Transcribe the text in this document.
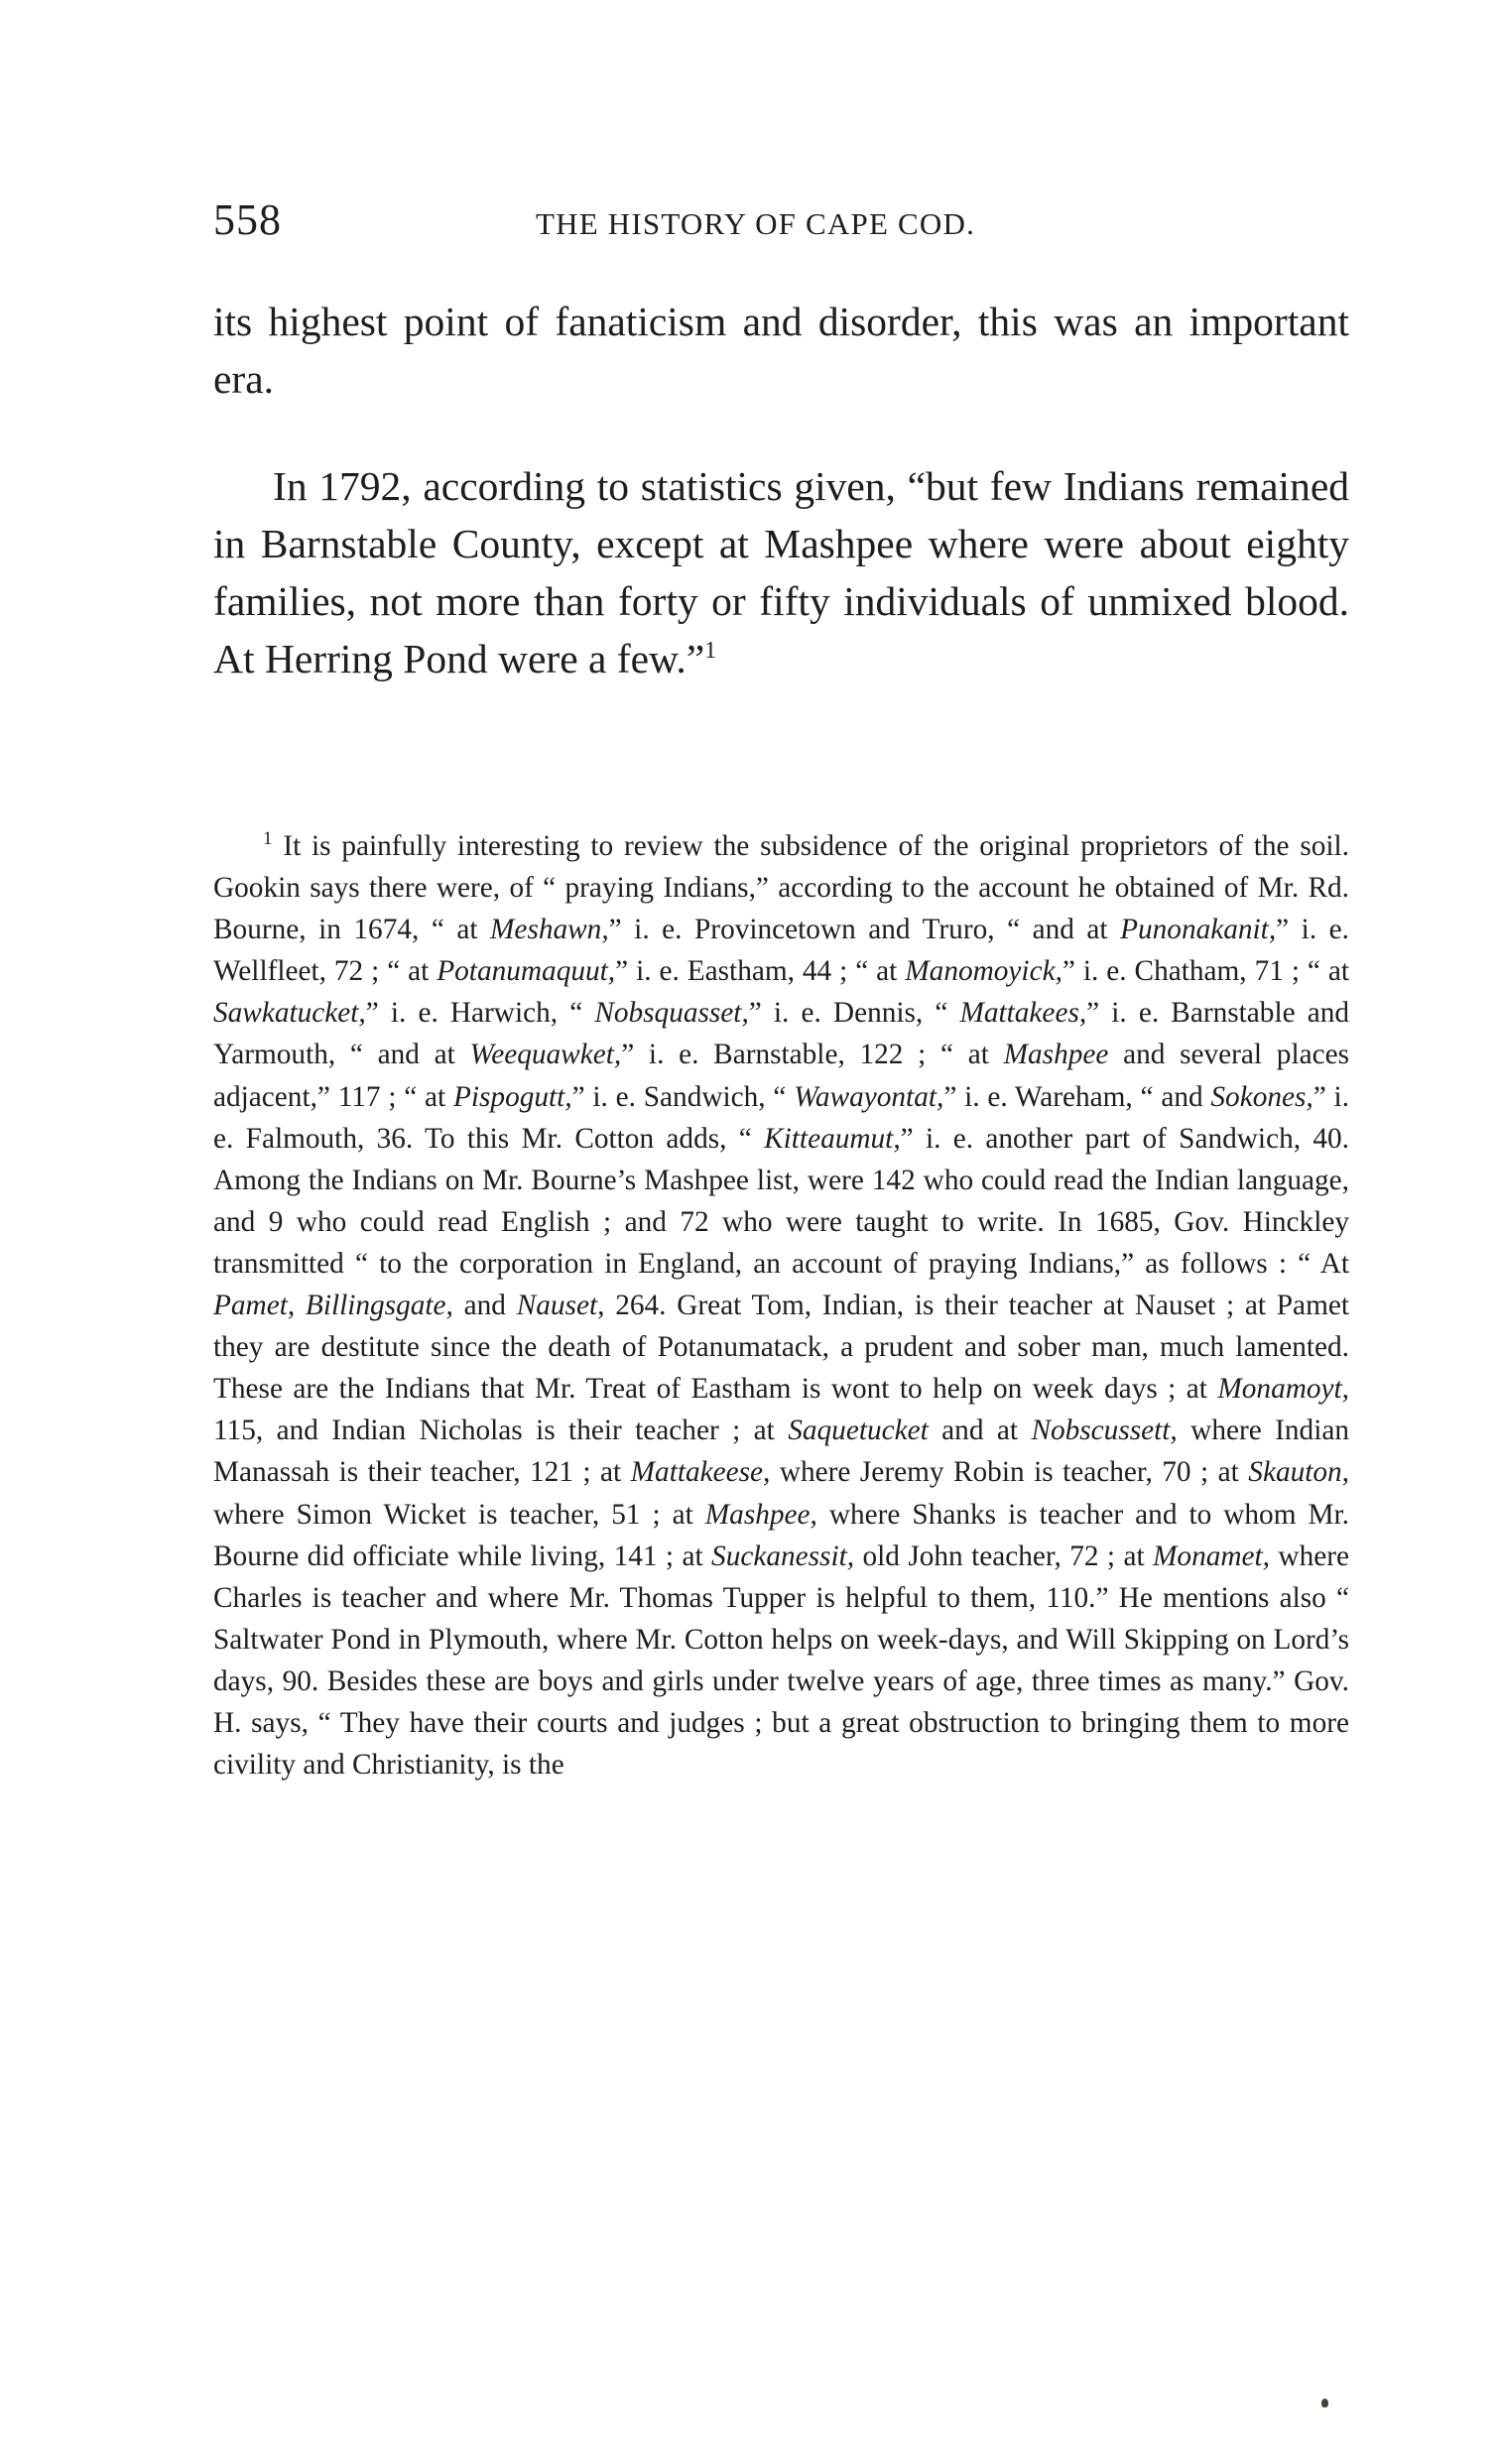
558	THE HISTORY OF CAPE COD.

its highest point of fanaticism and disorder, this was an important era.

In 1792, according to statistics given, “but few Indians remained in Barnstable County, except at Mashpee where were about eighty families, not more than forty or fifty individuals of unmixed blood. At Herring Pond were a few.”$^1$

$^1$ It is painfully interesting to review the subsidence of the original proprietors of the soil. Gookin says there were, of “ praying Indians,” according to the account he obtained of Mr. Rd. Bourne, in 1674, “ at Meshawn,” i. e. Provincetown and Truro, “ and at Punonakanit,” i. e. Wellfleet, 72 ; “ at Potanumaquut,” i. e. Eastham, 44 ; “ at Manomoyick,” i. e. Chatham, 71 ; “ at Sawkatucket,” i. e. Harwich, “ Nobsquasset,” i. e. Dennis, “ Mattakees,” i. e. Barnstable and Yarmouth, “ and at Weequawket,” i. e. Barnstable, 122 ; “ at Mashpee and several places adjacent,” 117 ; “ at Pispogutt,” i. e. Sandwich, “ Wawayontat,” i. e. Wareham, “ and Sokones,” i. e. Falmouth, 36. To this Mr. Cotton adds, “ Kitteaumut,” i. e. another part of Sandwich, 40. Among the Indians on Mr. Bourne’s Mashpee list, were 142 who could read the Indian language, and 9 who could read English ; and 72 who were taught to write. In 1685, Gov. Hinckley transmitted “ to the corporation in England, an account of praying Indians,” as follows : “ At Pamet, Billingsgate, and Nauset, 264. Great Tom, Indian, is their teacher at Nauset ; at Pamet they are destitute since the death of Potanumatack, a prudent and sober man, much lamented. These are the Indians that Mr. Treat of Eastham is wont to help on week days ; at Monamoyt, 115, and Indian Nicholas is their teacher ; at Saquetucket and at Nobscussett, where Indian Manassah is their teacher, 121 ; at Mattakeese, where Jeremy Robin is teacher, 70 ; at Skauton, where Simon Wicket is teacher, 51 ; at Mashpee, where Shanks is teacher and to whom Mr. Bourne did officiate while living, 141 ; at Suckanessit, old John teacher, 72 ; at Monamet, where Charles is teacher and where Mr. Thomas Tupper is helpful to them, 110.” He mentions also “ Saltwater Pond in Plymouth, where Mr. Cotton helps on week-days, and Will Skipping on Lord’s days, 90. Besides these are boys and girls under twelve years of age, three times as many.” Gov. H. says, “ They have their courts and judges ; but a great obstruction to bringing them to more civility and Christianity, is the
